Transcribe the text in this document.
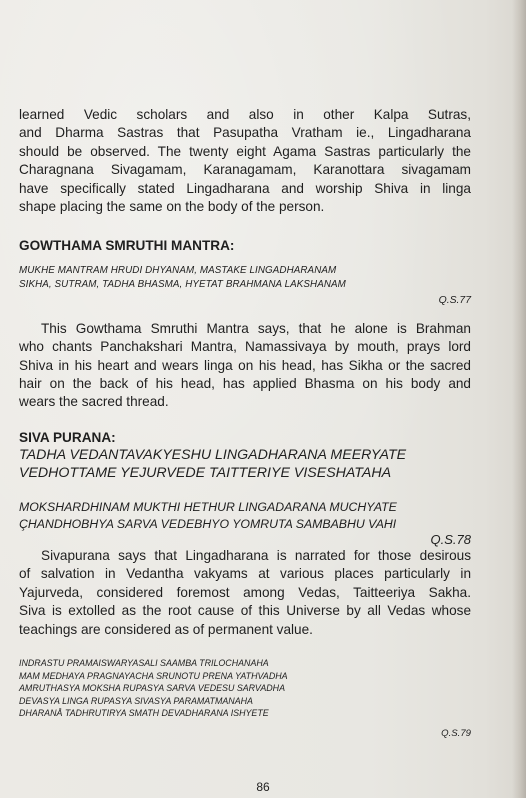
learned Vedic scholars and also in other Kalpa Sutras,
and Dharma Sastras that Pasupatha Vratham ie., Lingadharana
should be observed. The twenty eight Agama Sastras particularly the
Charagnana Sivagamam, Karanagamam, Karanottara sivagamam
have specifically stated Lingadharana and worship Shiva in linga
shape placing the same on the body of the person.

GOWTHAMA SMRUTHI MANTRA:

MUKHE MANTRAM HRUDI DHYANAM, MASTAKE LINGADHARANAM
SIKHA, SUTRAM, TADHA BHASMA, HYETAT BRAHMANA LAKSHANAM
Q.S.77

This Gowthama Smruthi Mantra says, that he alone is Brahman
who chants Panchakshari Mantra, Namassivaya by mouth, prays lord
Shiva in his heart and wears linga on his head, has Sikha or the sacred
hair on the back of his head, has applied Bhasma on his body and
wears the sacred thread.

SIVA PURANA:

TADHA VEDANTAVAKYESHU LINGADHARANA MEERYATE
VEDHOTTAME YEJURVEDE TAITTERIYE VISESHATAHA
MOKSHARDHINAM MUKTHI HETHUR LINGADARANA MUCHYATE
ÇHANDHOBHYA SARVA VEDEBHYO YOMRUTA SAMBABHU VAHI
Q.S.78

Sivapurana says that Lingadharana is narrated for those desirous
of salvation in Vedantha vakyams at various places particularly in
Yajurveda, considered foremost among Vedas, Taitteeriya Sakha.
Siva is extolled as the root cause of this Universe by all Vedas whose
teachings are considered as of permanent value.

INDRASTU PRAMAISWARYASALI SAAMBA TRILOCHANAHA
MAM MEDHAYA PRAGNAYACHA SRUNOTU PRENA YATHVADHA
AMRUTHASYA MOKSHA RUPASYA SARVA VEDESU SARVADHA
DEVASYA LINGA RUPASYA SIVASYA PARAMATMANAHA
DHARANÅ TADHRUTIRYA SMATH DEVADHARANA ISHYETE
Q.S.79
86
